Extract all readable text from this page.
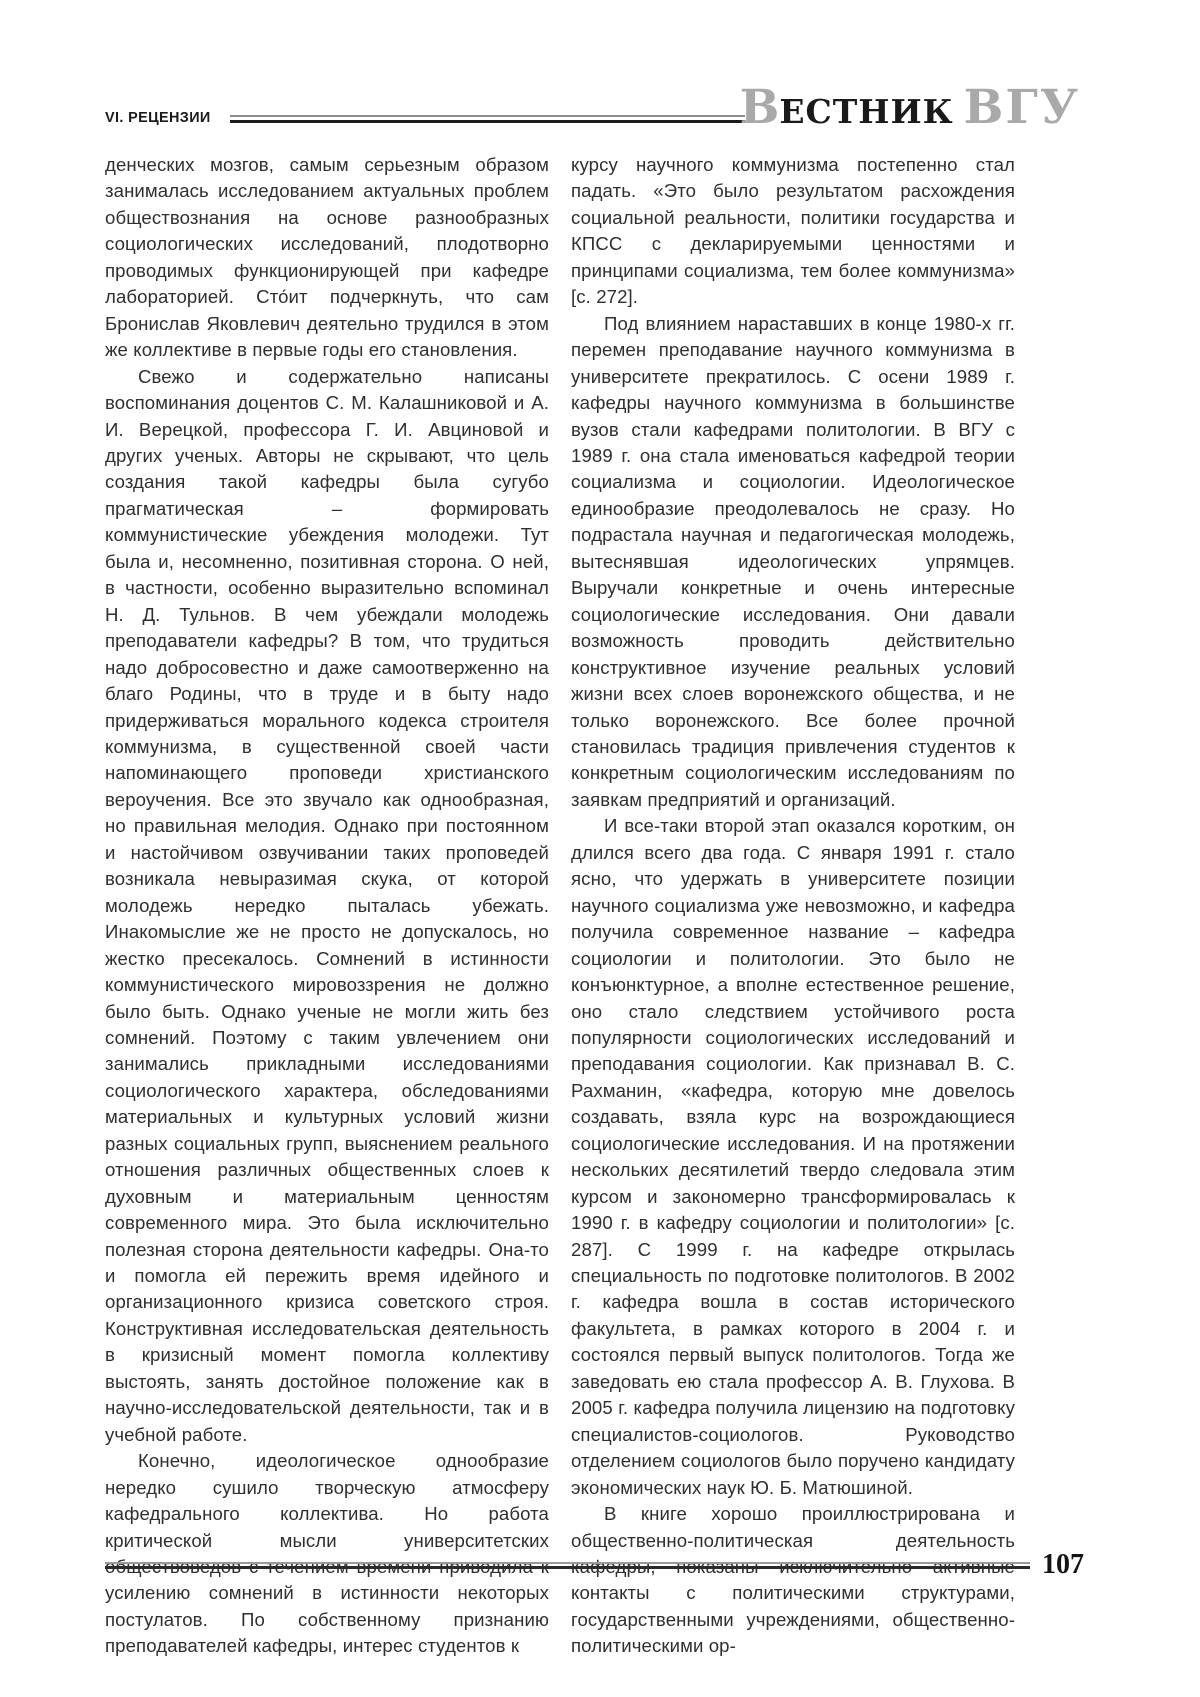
VI. РЕЦЕНЗИИ	ВЕСТНИК ВГУ

денческих мозгов, самым серьезным образом занималась исследованием актуальных проблем обществознания на основе разнообразных социологических исследований, плодотворно проводимых функционирующей при кафедре лабораторией. Сто́ит подчеркнуть, что сам Бронислав Яковлевич деятельно трудился в этом же коллективе в первые годы его становления.

Свежо и содержательно написаны воспоминания доцентов С. М. Калашниковой и А. И. Верецкой, профессора Г. И. Авциновой и других ученых. Авторы не скрывают, что цель создания такой кафедры была сугубо прагматическая – формировать коммунистические убеждения молодежи. Тут была и, несомненно, позитивная сторона. О ней, в частности, особенно выразительно вспоминал Н. Д. Тульнов. В чем убеждали молодежь преподаватели кафедры? В том, что трудиться надо добросовестно и даже самоотверженно на благо Родины, что в труде и в быту надо придерживаться морального кодекса строителя коммунизма, в существенной своей части напоминающего проповеди христианского вероучения. Все это звучало как однообразная, но правильная мелодия. Однако при постоянном и настойчивом озвучивании таких проповедей возникала невыразимая скука, от которой молодежь нередко пыталась убежать. Инакомыслие же не просто не допускалось, но жестко пресекалось. Сомнений в истинности коммунистического мировоззрения не должно было быть. Однако ученые не могли жить без сомнений. Поэтому с таким увлечением они занимались прикладными исследованиями социологического характера, обследованиями материальных и культурных условий жизни разных социальных групп, выяснением реального отношения различных общественных слоев к духовным и материальным ценностям современного мира. Это была исключительно полезная сторона деятельности кафедры. Она-то и помогла ей пережить время идейного и организационного кризиса советского строя. Конструктивная исследовательская деятельность в кризисный момент помогла коллективу выстоять, занять достойное положение как в научно-исследовательской деятельности, так и в учебной работе.

Конечно, идеологическое однообразие нередко сушило творческую атмосферу кафедрального коллектива. Но работа критической мысли университетских обществоведов с течением времени приводила к усилению сомнений в истинности некоторых постулатов. По собственному признанию преподавателей кафедры, интерес студентов к

курсу научного коммунизма постепенно стал падать. «Это было результатом расхождения социальной реальности, политики государства и КПСС с декларируемыми ценностями и принципами социализма, тем более коммунизма» [с. 272].

Под влиянием нараставших в конце 1980-х гг. перемен преподавание научного коммунизма в университете прекратилось. С осени 1989 г. кафедры научного коммунизма в большинстве вузов стали кафедрами политологии. В ВГУ с 1989 г. она стала именоваться кафедрой теории социализма и социологии. Идеологическое единообразие преодолевалось не сразу. Но подрастала научная и педагогическая молодежь, вытеснявшая идеологических упрямцев. Выручали конкретные и очень интересные социологические исследования. Они давали возможность проводить действительно конструктивное изучение реальных условий жизни всех слоев воронежского общества, и не только воронежского. Все более прочной становилась традиция привлечения студентов к конкретным социологическим исследованиям по заявкам предприятий и организаций.

И все-таки второй этап оказался коротким, он длился всего два года. С января 1991 г. стало ясно, что удержать в университете позиции научного социализма уже невозможно, и кафедра получила современное название – кафедра социологии и политологии. Это было не конъюнктурное, а вполне естественное решение, оно стало следствием устойчивого роста популярности социологических исследований и преподавания социологии. Как признавал В. С. Рахманин, «кафедра, которую мне довелось создавать, взяла курс на возрождающиеся социологические исследования. И на протяжении нескольких десятилетий твердо следовала этим курсом и закономерно трансформировалась к 1990 г. в кафедру социологии и политологии» [с. 287]. С 1999 г. на кафедре открылась специальность по подготовке политологов. В 2002 г. кафедра вошла в состав исторического факультета, в рамках которого в 2004 г. и состоялся первый выпуск политологов. Тогда же заведовать ею стала профессор А. В. Глухова. В 2005 г. кафедра получила лицензию на подготовку специалистов-социологов. Руководство отделением социологов было поручено кандидату экономических наук Ю. Б. Матюшиной.

В книге хорошо проиллюстрирована и общественно-политическая деятельность кафедры, показаны исключительно активные контакты с политическими структурами, государственными учреждениями, общественно-политическими ор-

107
